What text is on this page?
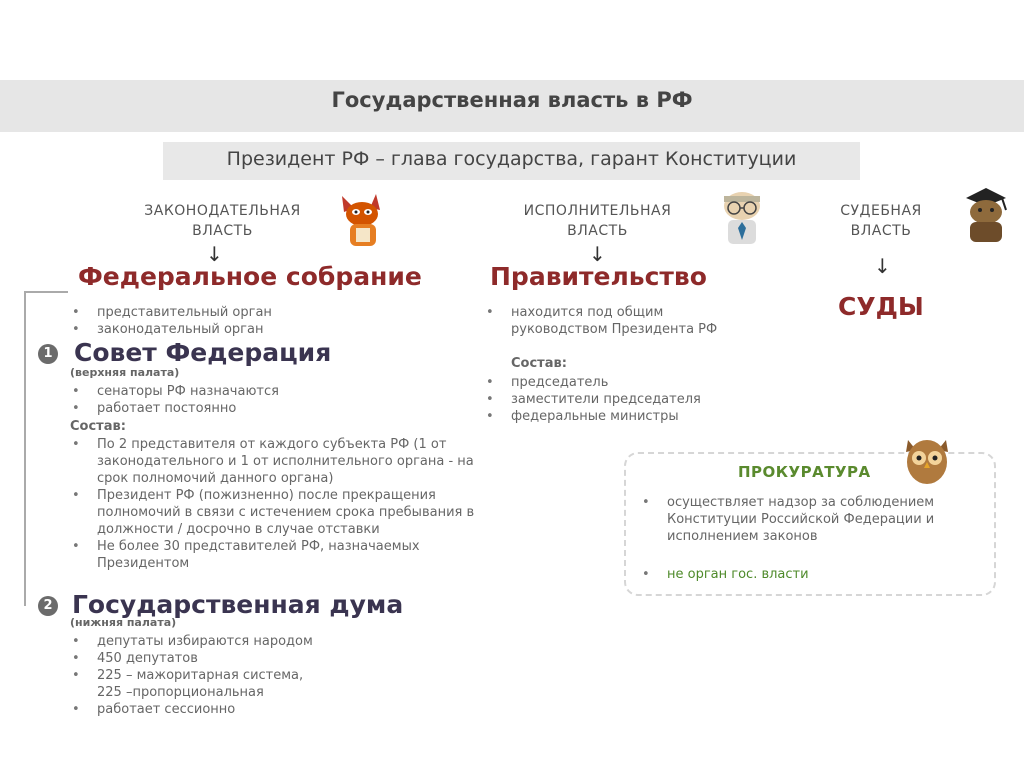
Государственная власть в РФ
Президент РФ – глава государства, гарант Конституции
ЗАКОНОДАТЕЛЬНАЯ
ВЛАСТЬ
↓
Федеральное собрание
• представительный орган
• законодательный орган
1 Совет Федерация
(верхняя палата)
• сенаторы РФ назначаются
• работает постоянно
Состав:
• По 2 представителя от каждого субъекта РФ (1 от законодательного и 1 от исполнительного органа - на срок полномочий данного органа)
• Президент РФ (пожизненно) после прекращения полномочий в связи с истечением срока пребывания в должности / досрочно в случае отставки
• Не более 30 представителей РФ, назначаемых Президентом
2 Государственная дума
(нижняя палата)
• депутаты избираются народом
• 450 депутатов
• 225 – мажоритарная система,
225 –пропорциональная
• работает сессионно
ИСПОЛНИТЕЛЬНАЯ
ВЛАСТЬ
↓
Правительство
• находится под общим
руководством Президента РФ
Состав:
• председатель
• заместители председателя
• федеральные министры
СУДЕБНАЯ
ВЛАСТЬ
↓
СУДЫ
ПРОКУРАТУРА
• осуществляет надзор за соблюдением
Конституции Российской Федерации и
исполнением законов
• не орган гос. власти
